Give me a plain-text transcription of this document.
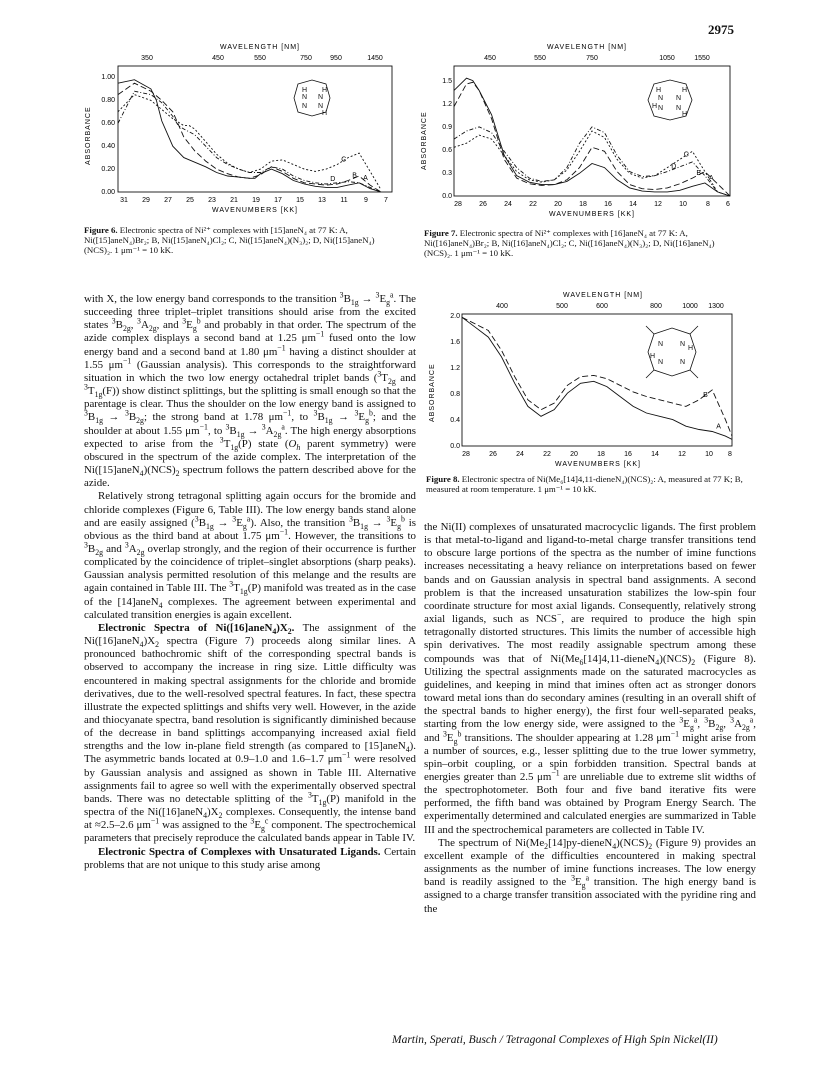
2975
WAVELENGTH [NM]
350	450	550	750	950	1450
ABSORBANCE
0.00
0.20
0.40
0.60
0.80
1.00
31 29 27 25 23 21 19 17 15 13 11 9 7
WAVENUMBERS [KK]
A
B
C
D
H
N N
H
N N
H
Figure 6. Electronic spectra of Ni²⁺ complexes with [15]aneN₄ at 77 K: A, Ni([15]aneN₄)Br₂; B, Ni([15]aneN₄)Cl₂; C, Ni([15]aneN₄)(N₃)₂; D, Ni([15]aneN₄)(NCS)₂. 1 μm⁻¹ = 10 kK.
WAVELENGTH [NM]
450	550	750	1050	1550
ABSORBANCE
0.0
0.3
0.6
0.9
1.2
1.5
28 26 24 22 20 18 16 14 12 10	8 6
WAVENUMBERS [KK]
A
B
C
D
H
N N
H
H N N
H
Figure 7. Electronic spectra of Ni²⁺ complexes with [16]aneN₄ at 77 K: A, Ni([16]aneN₄)Br₂; B, Ni([16]aneN₄)Cl₂; C, Ni([16]aneN₄)(N₃)₂; D, Ni([16]aneN₄)(NCS)₂. 1 μm⁻¹ = 10 kK.
WAVELENGTH [NM]
400	500	600	800	1000 1300
ABSORBANCE
0.0
0.4
0.8
1.2
1.6
2.0
28	26	24	22	20	18	16	14	12	10 8
WAVENUMBERS [KK]
A
B
N N
H
H
N N
Figure 8. Electronic spectra of Ni(Me₆[14]4,11-dieneN₄)(NCS)₂: A, measured at 77 K; B, measured at room temperature. 1 μm⁻¹ = 10 kK.

with X, the low energy band corresponds to the transition $^3B_{1g} \to ^3E_g^a$. The succeeding three triplet–triplet transitions should arise from the excited states $^3B_{2g}$, $^3A_{2g}$, and $^3E_g^b$ and probably in that order. The spectrum of the azide complex displays a second band at 1.25 $\mu m^{-1}$ fused onto the low energy band and a second band at 1.80 $\mu m^{-1}$ having a distinct shoulder at 1.55 $\mu m^{-1}$ (Gaussian analysis). This corresponds to the straightforward situation in which the two low energy octahedral triplet bands ($^3T_{2g}$ and $^3T_{1g}(F)$) show distinct splittings, but the splitting is small enough so that the parentage is clear. Thus the shoulder on the low energy band is assigned to $^3B_{1g} \to ^3B_{2g}$; the strong band at 1.78 $\mu m^{-1}$, to $^3B_{1g} \to ^3E_g^b$; and the shoulder at about 1.55 $\mu m^{-1}$, to $^3B_{1g} \to ^3A_{2g}^a$. The high energy absorptions expected to arise from the $^3T_{1g}(P)$ state ($O_h$ parent symmetry) were obscured in the spectrum of the azide complex. The interpretation of the $Ni([15]aneN_4)(NCS)_2$ spectrum follows the pattern described above for the azide.

Relatively strong tetragonal splitting again occurs for the bromide and chloride complexes (Figure 6, Table III). The low energy bands stand alone and are easily assigned $(^3B_{1g} \to ^3E_g^a)$. Also, the transition $^3B_{1g} \to ^3E_g^b$ is obvious as the third band at about 1.75 $\mu m^{-1}$. However, the transitions to $^3B_{2g}$ and $^3A_{2g}$ overlap strongly, and the region of their occurrence is further complicated by the coincidence of triplet–singlet absorptions (sharp peaks). Gaussian analysis permitted resolution of this melange and the results are again contained in Table III. The $^3T_{1g}(P)$ manifold was treated as in the case of the [14]aneN$_4$ complexes. The agreement between experimental and calculated transition energies is again excellent.

Electronic Spectra of $Ni([16]aneN_4)X_2$. The assignment of the $Ni([16]aneN_4)X_2$ spectra (Figure 7) proceeds along similar lines. A pronounced bathochromic shift of the corresponding spectral bands is observed to accompany the increase in ring size. Little difficulty was encountered in making spectral assignments for the chloride and bromide derivatives, due to the well-resolved spectral features. In fact, these spectra illustrate the expected splittings and shifts very well. However, in the azide and thiocyanate spectra, band resolution is significantly diminished because of the decrease in band splittings accompanying increased axial field strengths and the low in-plane field strength (as compared to [15]aneN$_4$). The asymmetric bands located at 0.9–1.0 and 1.6–1.7 $\mu m^{-1}$ were resolved by Gaussian analysis and assigned as shown in Table III. Alternative assignments fail to agree so well with the experimentally observed spectral bands. There was no detectable splitting of the $^3T_{1g}(P)$ manifold in the spectra of the $Ni([16]aneN_4)X_2$ complexes. Consequently, the intense band at ≈2.5–2.6 $\mu m^{-1}$ was assigned to the $^3E_g^c$ component. The spectrochemical parameters that precisely reproduce the calculated bands appear in Table IV.

Electronic Spectra of Complexes with Unsaturated Ligands. Certain problems that are not unique to this study arise among

the Ni(II) complexes of unsaturated macrocyclic ligands. The first problem is that metal-to-ligand and ligand-to-metal charge transfer transitions tend to obscure large portions of the spectra as the number of imine functions increases necessitating a heavy reliance on interpretations based on fewer bands and on Gaussian analysis in spectral band assignments. A second problem is that the increased unsaturation stabilizes the low-spin four coordinate structure for most axial ligands. Consequently, relatively strong axial ligands, such as NCS−, are required to produce the high spin tetragonally distorted structures. This limits the number of accessible high spin derivatives. The most readily assignable spectrum among these compounds was that of $Ni(Me_6[14]4,11-dieneN_4)(NCS)_2$ (Figure 8). Utilizing the spectral assignments made on the saturated macrocycles as guidelines, and keeping in mind that imines often act as stronger donors toward metal ions than do secondary amines (resulting in an overall shift of the spectral bands to higher energy), the first four well-separated peaks, starting from the low energy side, were assigned to the $^3E_g^a$, $^3B_{2g}$, $^3A_{2g}^a$, and $^3E_g^b$ transitions. The shoulder appearing at 1.28 $\mu m^{-1}$ might arise from a number of sources, e.g., lesser splitting due to the true lower symmetry, spin–orbit coupling, or a spin forbidden transition. Spectral bands at energies greater than 2.5 $\mu m^{-1}$ are unreliable due to extreme slit widths of the spectrophotometer. Both four and five band iterative fits were performed, the fifth band was obtained by Program Energy Search. The experimentally determined and calculated energies are summarized in Table III and the spectrochemical parameters are collected in Table IV.

The spectrum of $Ni(Me_2[14]py-dieneN_4)(NCS)_2$ (Figure 9) provides an excellent example of the difficulties encountered in making spectral assignments as the number of imine functions increases. The low energy band is readily assigned to the $^3E_g^a$ transition. The high energy band is assigned to a charge transfer transition associated with the pyridine ring and the

Martin, Sperati, Busch / Tetragonal Complexes of High Spin Nickel(II)
